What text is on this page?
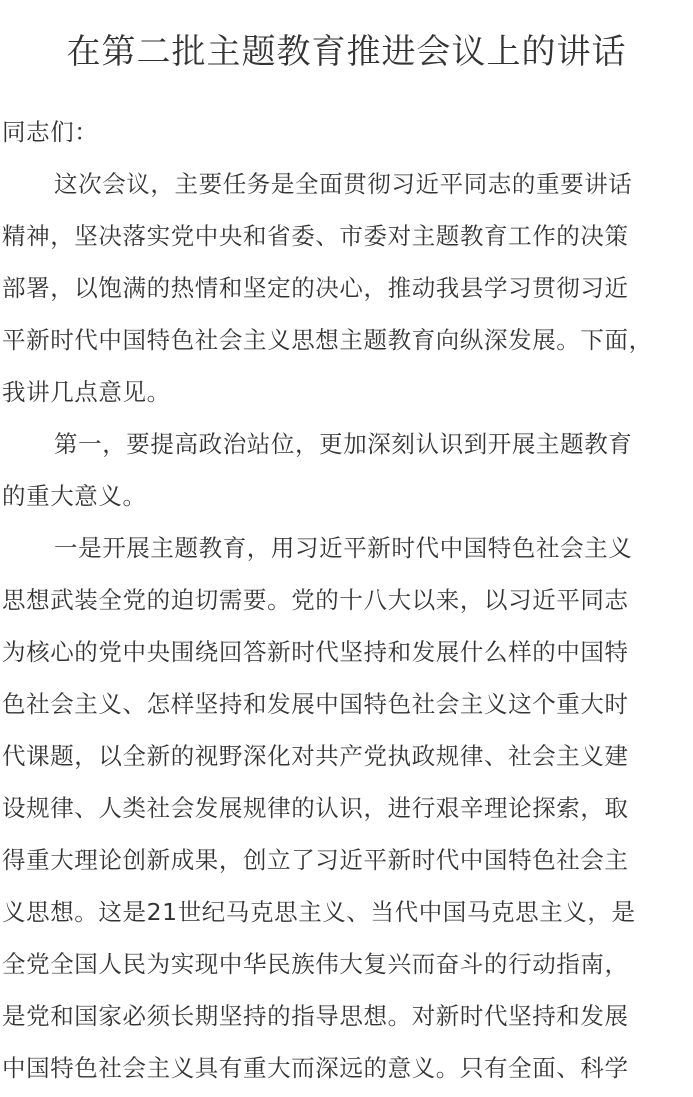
在第二批主题教育推进会议上的讲话
同志们：
这次会议，主要任务是全面贯彻习近平同志的重要讲话
精神，坚决落实党中央和省委、市委对主题教育工作的决策
部署，以饱满的热情和坚定的决心，推动我县学习贯彻习近
平新时代中国特色社会主义思想主题教育向纵深发展。下面，
我讲几点意见。
第一，要提高政治站位，更加深刻认识到开展主题教育
的重大意义。
一是开展主题教育，用习近平新时代中国特色社会主义
思想武装全党的迫切需要。党的十八大以来，以习近平同志
为核心的党中央围绕回答新时代坚持和发展什么样的中国特
色社会主义、怎样坚持和发展中国特色社会主义这个重大时
代课题，以全新的视野深化对共产党执政规律、社会主义建
设规律、人类社会发展规律的认识，进行艰辛理论探索，取
得重大理论创新成果，创立了习近平新时代中国特色社会主
义思想。这是21世纪马克思主义、当代中国马克思主义，是
全党全国人民为实现中华民族伟大复兴而奋斗的行动指南，
是党和国家必须长期坚持的指导思想。对新时代坚持和发展
中国特色社会主义具有重大而深远的意义。只有全面、科学
